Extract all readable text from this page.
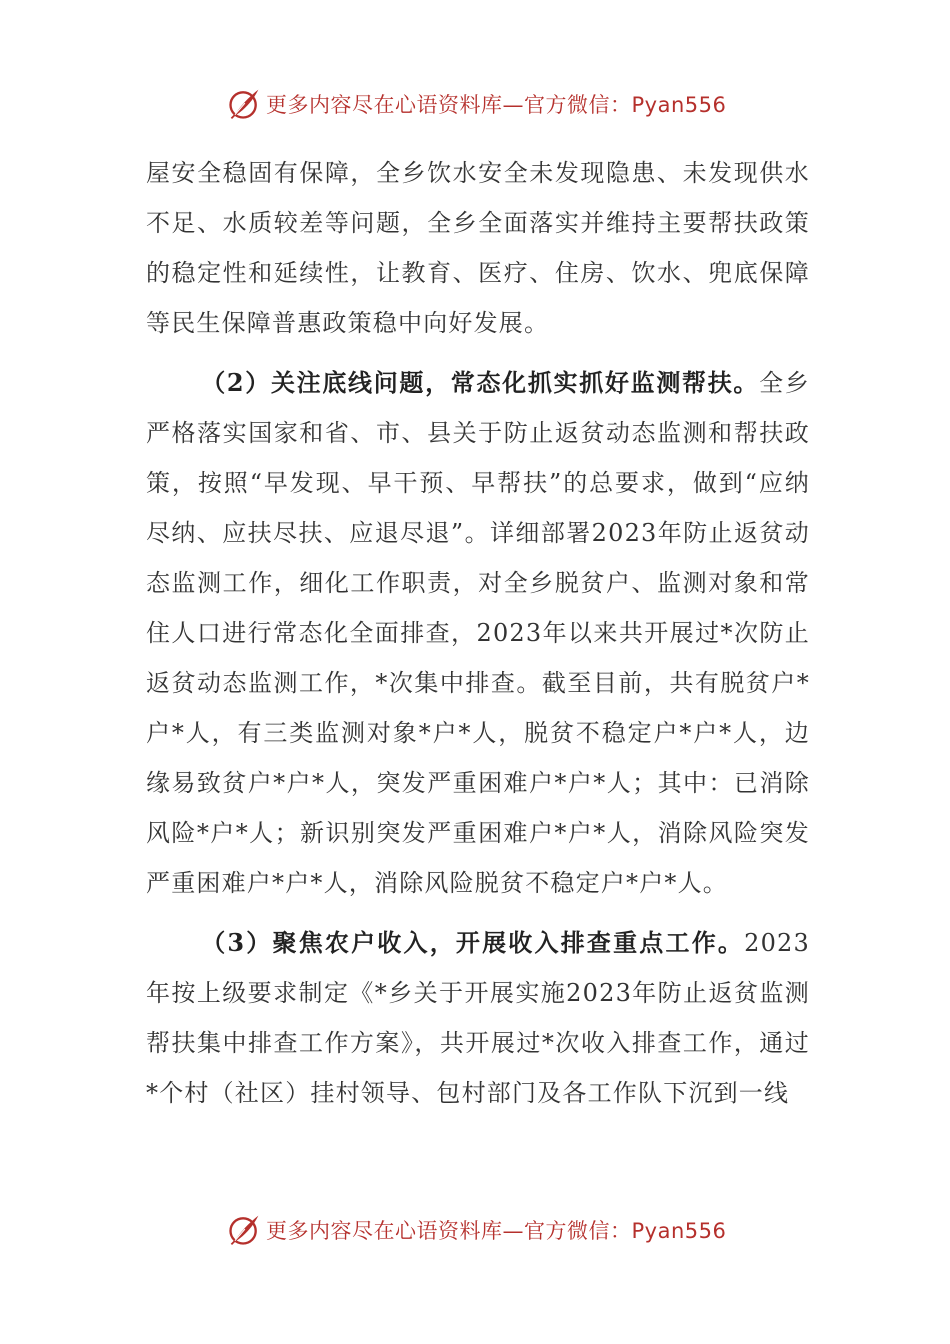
更多内容尽在心语资料库—官方微信：Pyan556

屋安全稳固有保障，全乡饮水安全未发现隐患、未发现供水不足、水质较差等问题，全乡全面落实并维持主要帮扶政策的稳定性和延续性，让教育、医疗、住房、饮水、兜底保障等民生保障普惠政策稳中向好发展。

（2）关注底线问题，常态化抓实抓好监测帮扶。全乡严格落实国家和省、市、县关于防止返贫动态监测和帮扶政策，按照“早发现、早干预、早帮扶”的总要求，做到“应纳尽纳、应扶尽扶、应退尽退”。详细部署2023年防止返贫动态监测工作，细化工作职责，对全乡脱贫户、监测对象和常住人口进行常态化全面排查，2023年以来共开展过*次防止返贫动态监测工作，*次集中排查。截至目前，共有脱贫户*户*人，有三类监测对象*户*人，脱贫不稳定户*户*人，边缘易致贫户*户*人，突发严重困难户*户*人；其中：已消除风险*户*人；新识别突发严重困难户*户*人，消除风险突发严重困难户*户*人，消除风险脱贫不稳定户*户*人。

（3）聚焦农户收入，开展收入排查重点工作。2023年按上级要求制定《*乡关于开展实施2023年防止返贫监测帮扶集中排查工作方案》，共开展过*次收入排查工作，通过*个村（社区）挂村领导、包村部门及各工作队下沉到一线

更多内容尽在心语资料库—官方微信：Pyan556
